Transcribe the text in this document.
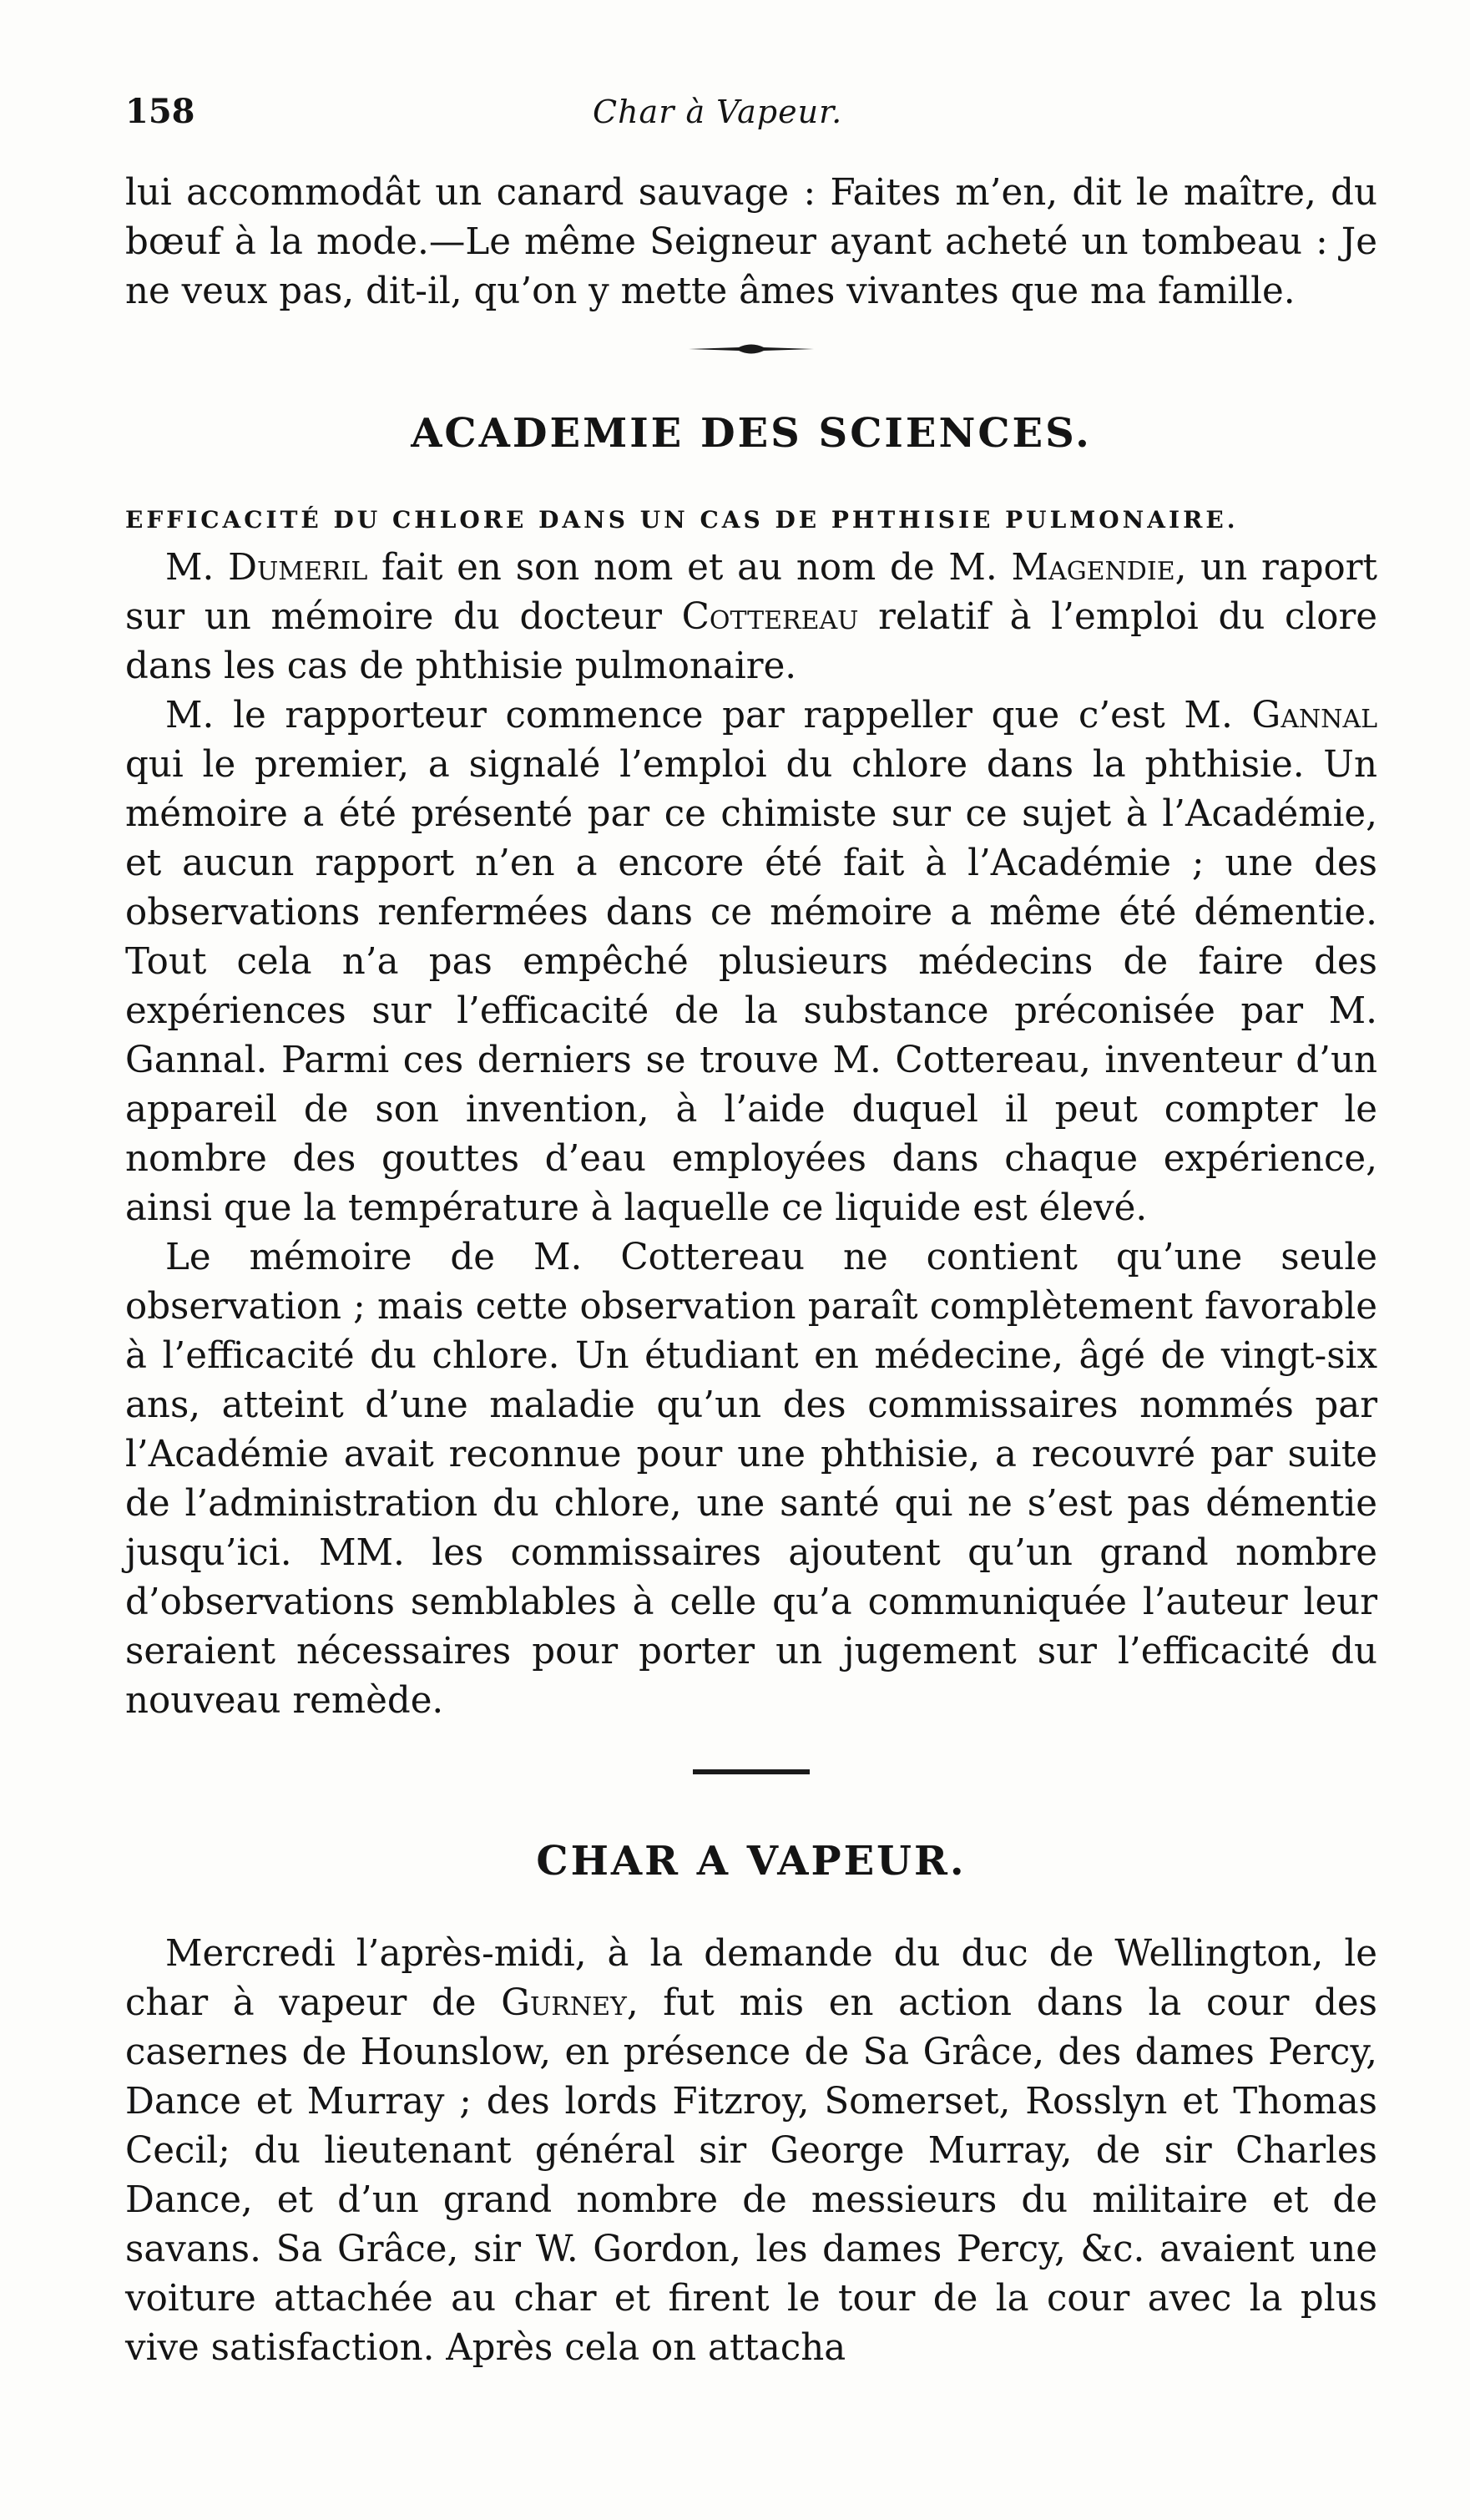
158	Char à Vapeur.

lui accommodât un canard sauvage : Faites m’en, dit le maître, du bœuf à la mode.—Le même Seigneur ayant acheté un tombeau : Je ne veux pas, dit-il, qu’on y mette âmes vivantes que ma famille.

ACADEMIE DES SCIENCES.

EFFICACITÉ DU CHLORE DANS UN CAS DE PHTHISIE PULMONAIRE.

M. Dumeril fait en son nom et au nom de M. Magendie, un raport sur un mémoire du docteur Cottereau relatif à l’emploi du clore dans les cas de phthisie pulmonaire.

M. le rapporteur commence par rappeller que c’est M. Gannal qui le premier, a signalé l’emploi du chlore dans la phthisie. Un mémoire a été présenté par ce chimiste sur ce sujet à l’Académie, et aucun rapport n’en a encore été fait à l’Académie ; une des observations renfermées dans ce mémoire a même été démentie. Tout cela n’a pas empêché plusieurs médecins de faire des expériences sur l’efficacité de la substance préconisée par M. Gannal. Parmi ces derniers se trouve M. Cottereau, inventeur d’un appareil de son invention, à l’aide duquel il peut compter le nombre des gouttes d’eau employées dans chaque expérience, ainsi que la température à laquelle ce liquide est élevé.

Le mémoire de M. Cottereau ne contient qu’une seule observation ; mais cette observation paraît complètement favorable à l’efficacité du chlore. Un étudiant en médecine, âgé de vingt-six ans, atteint d’une maladie qu’un des commissaires nommés par l’Académie avait reconnue pour une phthisie, a recouvré par suite de l’administration du chlore, une santé qui ne s’est pas démentie jusqu’ici. MM. les commissaires ajoutent qu’un grand nombre d’observations semblables à celle qu’a communiquée l’auteur leur seraient nécessaires pour porter un jugement sur l’efficacité du nouveau remède.

CHAR A VAPEUR.

Mercredi l’après-midi, à la demande du duc de Wellington, le char à vapeur de Gurney, fut mis en action dans la cour des casernes de Hounslow, en présence de Sa Grâce, des dames Percy, Dance et Murray ; des lords Fitzroy, Somerset, Rosslyn et Thomas Cecil; du lieutenant général sir George Murray, de sir Charles Dance, et d’un grand nombre de messieurs du militaire et de savans. Sa Grâce, sir W. Gordon, les dames Percy, &c. avaient une voiture attachée au char et firent le tour de la cour avec la plus vive satisfaction. Après cela on attacha
